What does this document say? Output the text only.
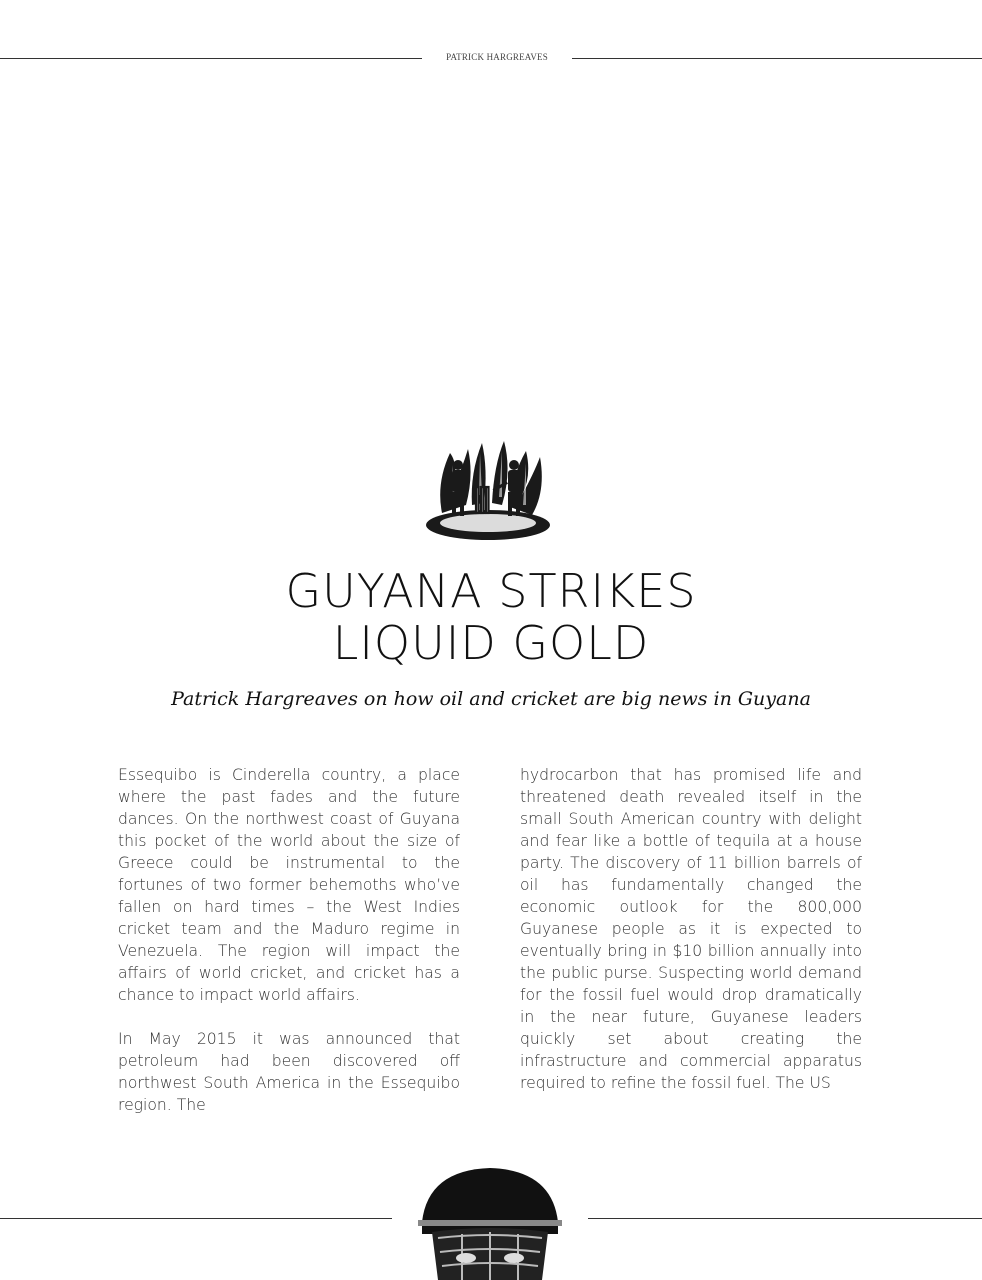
PATRICK HARGREAVES
GUYANA STRIKES
LIQUID GOLD
Patrick Hargreaves on how oil and cricket are big news in Guyana

Essequibo is Cinderella country, a place where the past fades and the future dances. On the northwest coast of Guyana this pocket of the world about the size of Greece could be instrumental to the fortunes of two former behemoths who’ve fallen on hard times – the West Indies cricket team and the Maduro regime in Venezuela. The region will impact the affairs of world cricket, and cricket has a chance to impact world affairs.

In May 2015 it was announced that petroleum had been discovered off northwest South America in the Essequibo region. The

hydrocarbon that has promised life and threatened death revealed itself in the small South American country with delight and fear like a bottle of tequila at a house party. The discovery of 11 billion barrels of oil has fundamentally changed the economic outlook for the 800,000 Guyanese people as it is expected to eventually bring in $10 billion annually into the public purse. Suspecting world demand for the fossil fuel would drop dramatically in the near future, Guyanese leaders quickly set about creating the infrastructure and commercial apparatus required to refine the fossil fuel. The US
